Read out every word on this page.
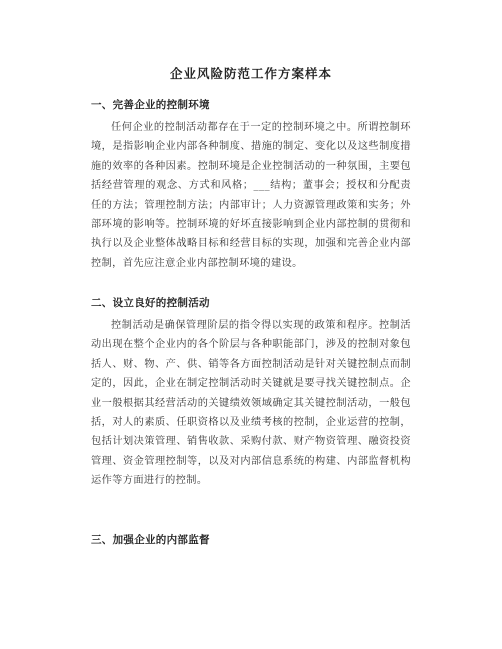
企业风险防范工作方案样本
一、完善企业的控制环境
任何企业的控制活动都存在于一定的控制环境之中。所谓控制环境，是指影响企业内部各种制度、措施的制定、变化以及这些制度措施的效率的各种因素。控制环境是企业控制活动的一种氛围，主要包括经营管理的观念、方式和风格；___结构；董事会；授权和分配责任的方法；管理控制方法；内部审计；人力资源管理政策和实务；外部环境的影响等。控制环境的好坏直接影响到企业内部控制的贯彻和执行以及企业整体战略目标和经营目标的实现，加强和完善企业内部控制，首先应注意企业内部控制环境的建设。
二、设立良好的控制活动
控制活动是确保管理阶层的指令得以实现的政策和程序。控制活动出现在整个企业内的各个阶层与各种职能部门，涉及的控制对象包括人、财、物、产、供、销等各方面控制活动是针对关键控制点而制定的，因此，企业在制定控制活动时关键就是要寻找关键控制点。企业一般根据其经营活动的关键绩效领域确定其关键控制活动，一般包括，对人的素质、任职资格以及业绩考核的控制，企业运营的控制，包括计划决策管理、销售收款、采购付款、财产物资管理、融资投资管理、资金管理控制等，以及对内部信息系统的构建、内部监督机构运作等方面进行的控制。
三、加强企业的内部监督
